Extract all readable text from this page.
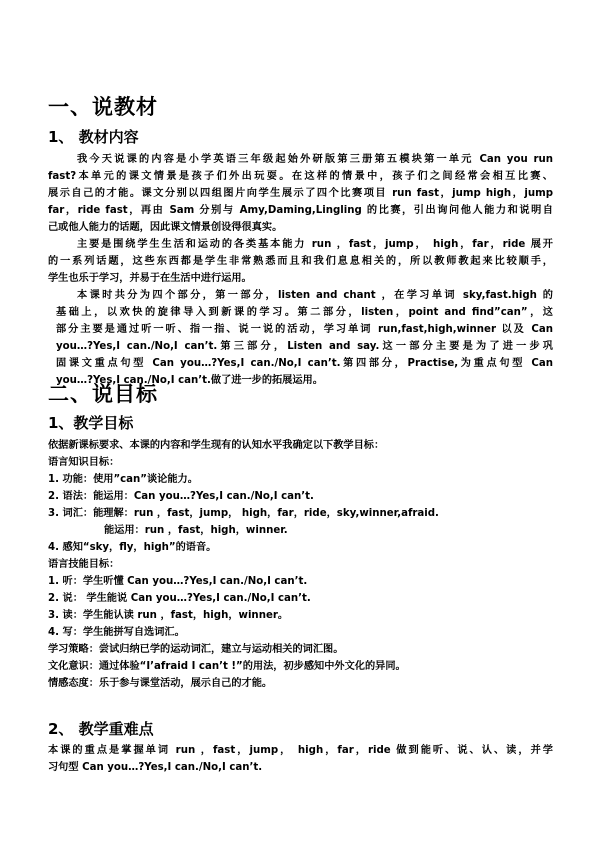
一、说教材
1、 教材内容
我今天说课的内容是小学英语三年级起始外研版第三册第五模块第一单元 Can you run
fast?本单元的课文情景是孩子们外出玩耍。在这样的情景中，孩子们之间经常会相互比赛、
展示自己的才能。课文分别以四组图片向学生展示了四个比赛项目 run fast，jump high，jump
far，ride fast，再由 Sam 分别与 Amy,Daming,Lingling 的比赛，引出询问他人能力和说明自
己或他人能力的话题，因此课文情景创设得很真实。
主要是围绕学生生活和运动的各类基本能力 run ，fast，jump， high，far，ride 展开
的一系列话题，这些东西都是学生非常熟悉而且和我们息息相关的，所以教师教起来比较顺手，
学生也乐于学习，并易于在生活中进行运用。
本课时共分为四个部分，第一部分，listen and chant ，在学习单词 sky,fast.high 的
基础上，以欢快的旋律导入到新课的学习。第二部分，listen，point and find”can”，这
部分主要是通过听一听、指一指、说一说的活动，学习单词 run,fast,high,winner 以及 Can
you…?Yes,I can./No,I can’t.第三部分，Listen and say.这一部分主要是为了进一步巩
固课文重点句型 Can you…?Yes,I can./No,I can’t.第四部分，Practise,为重点句型 Can
you…?Yes,I can./No,I can’t.做了进一步的拓展运用。
二、说目标
1、教学目标
依据新课标要求、本课的内容和学生现有的认知水平我确定以下教学目标：
语言知识目标：
1. 功能：使用”can”谈论能力。
2. 语法：能运用：Can you…?Yes,I can./No,I can’t.
3. 词汇：能理解：run ，fast，jump， high，far，ride，sky,winner,afraid.
能运用：run ，fast，high，winner.
4. 感知“sky，fly，high”的语音。
语言技能目标：
1. 听：学生听懂 Can you…?Yes,I can./No,I can’t.
2. 说： 学生能说 Can you…?Yes,I can./No,I can’t.
3. 读：学生能认读 run ，fast，high，winner。
4. 写：学生能拼写自选词汇。
学习策略：尝试归纳已学的运动词汇，建立与运动相关的词汇图。
文化意识：通过体验“I’afraid I can’t !”的用法，初步感知中外文化的异同。
情感态度：乐于参与课堂活动，展示自己的才能。
2、 教学重难点
本课的重点是掌握单词 run ，fast，jump， high，far，ride 做到能听、说、认、读，并学
习句型 Can you…?Yes,I can./No,I can’t.
